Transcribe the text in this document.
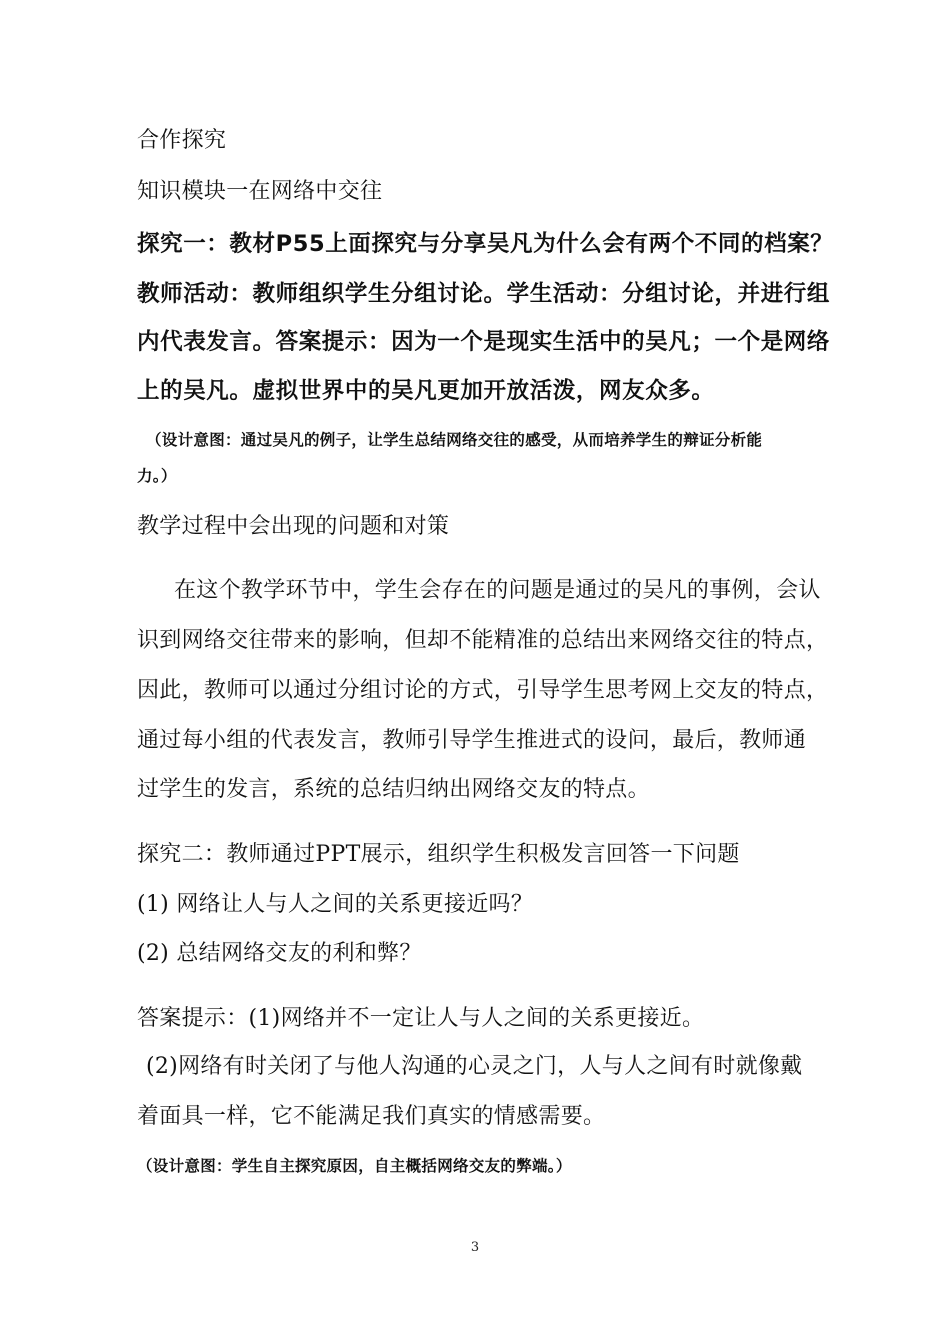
合作探究
知识模块一在网络中交往
探究一：教材P55上面探究与分享吴凡为什么会有两个不同的档案？
教师活动：教师组织学生分组讨论。学生活动：分组讨论，并进行组
内代表发言。答案提示：因为一个是现实生活中的吴凡；一个是网络
上的吴凡。虚拟世界中的吴凡更加开放活泼，网友众多。
（设计意图：通过吴凡的例子，让学生总结网络交往的感受，从而培养学生的辩证分析能
力。）
教学过程中会出现的问题和对策
在这个教学环节中，学生会存在的问题是通过的吴凡的事例，会认
识到网络交往带来的影响，但却不能精准的总结出来网络交往的特点，
因此，教师可以通过分组讨论的方式，引导学生思考网上交友的特点，
通过每小组的代表发言，教师引导学生推进式的设问，最后，教师通
过学生的发言，系统的总结归纳出网络交友的特点。
探究二：教师通过PPT展示，组织学生积极发言回答一下问题
(1) 网络让人与人之间的关系更接近吗？
(2) 总结网络交友的利和弊？
答案提示：(1)网络并不一定让人与人之间的关系更接近。
(2)网络有时关闭了与他人沟通的心灵之门，人与人之间有时就像戴
着面具一样，它不能满足我们真实的情感需要。
（设计意图：学生自主探究原因，自主概括网络交友的弊端。）
3
